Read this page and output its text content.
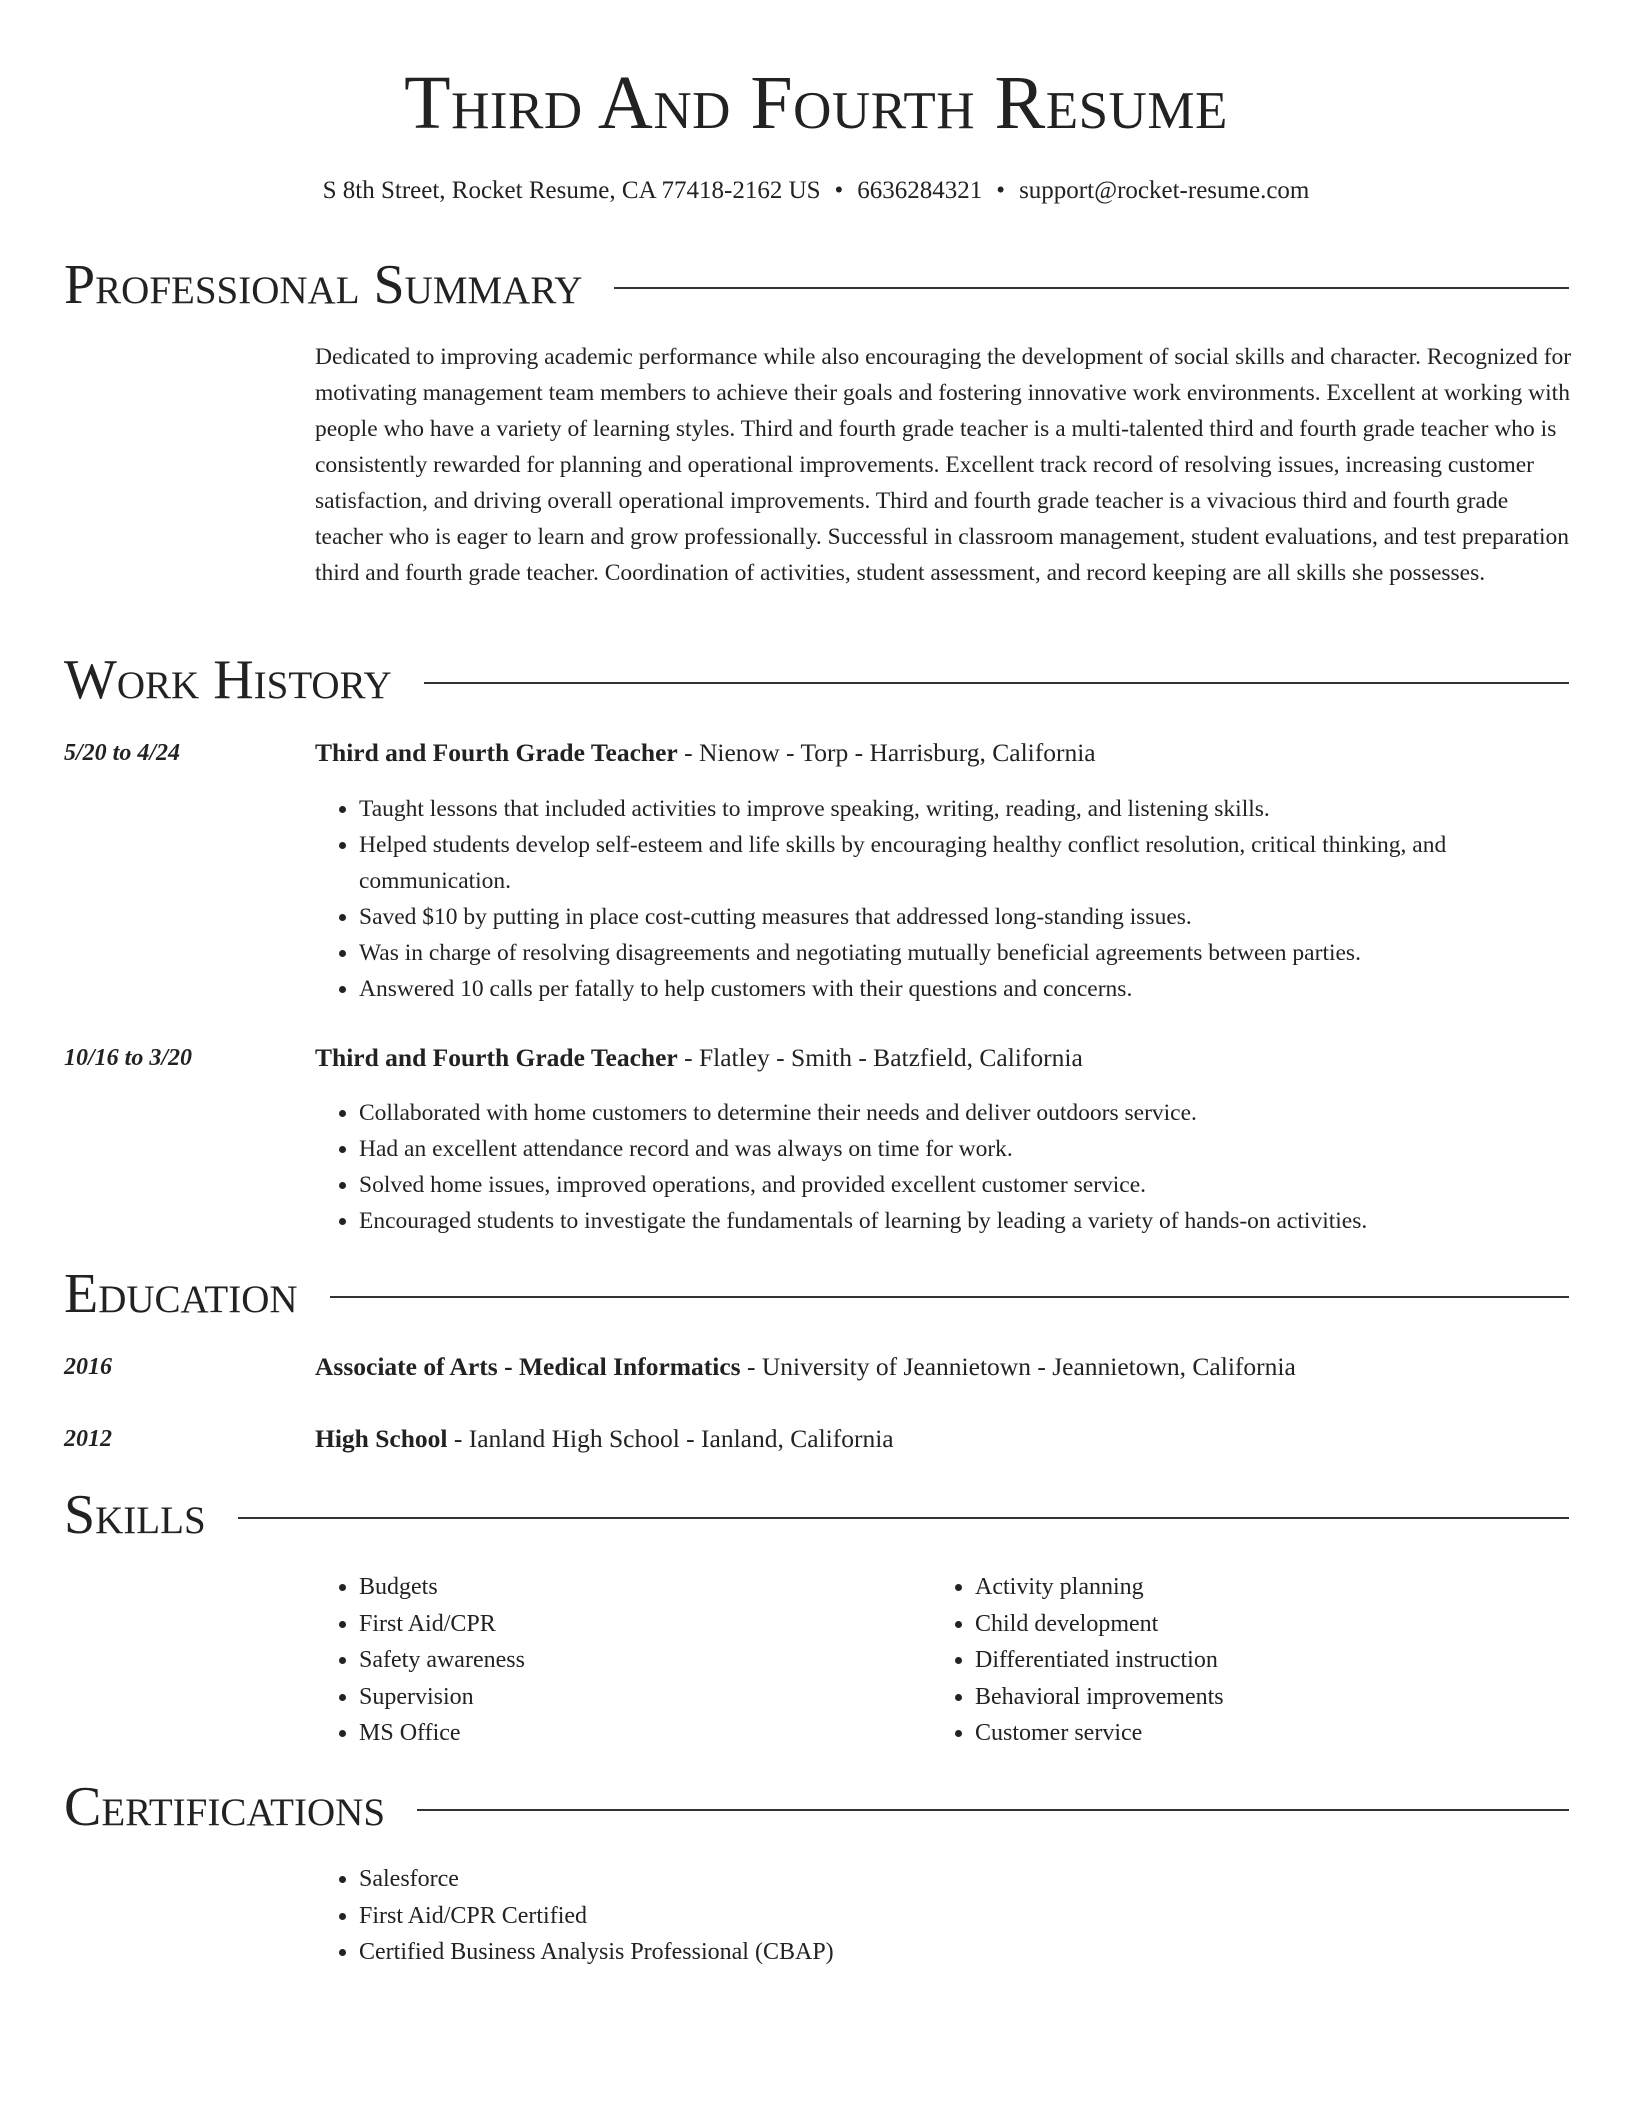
Third And Fourth Resume
S 8th Street, Rocket Resume, CA 77418-2162 US • 6636284321 • support@rocket-resume.com
Professional Summary
Dedicated to improving academic performance while also encouraging the development of social skills and character. Recognized for motivating management team members to achieve their goals and fostering innovative work environments. Excellent at working with people who have a variety of learning styles. Third and fourth grade teacher is a multi-talented third and fourth grade teacher who is consistently rewarded for planning and operational improvements. Excellent track record of resolving issues, increasing customer satisfaction, and driving overall operational improvements. Third and fourth grade teacher is a vivacious third and fourth grade teacher who is eager to learn and grow professionally. Successful in classroom management, student evaluations, and test preparation third and fourth grade teacher. Coordination of activities, student assessment, and record keeping are all skills she possesses.
Work History
5/20 to 4/24	Third and Fourth Grade Teacher - Nienow - Torp - Harrisburg, California
• Taught lessons that included activities to improve speaking, writing, reading, and listening skills.
• Helped students develop self-esteem and life skills by encouraging healthy conflict resolution, critical thinking, and communication.
• Saved $10 by putting in place cost-cutting measures that addressed long-standing issues.
• Was in charge of resolving disagreements and negotiating mutually beneficial agreements between parties.
• Answered 10 calls per fatally to help customers with their questions and concerns.
10/16 to 3/20	Third and Fourth Grade Teacher - Flatley - Smith - Batzfield, California
• Collaborated with home customers to determine their needs and deliver outdoors service.
• Had an excellent attendance record and was always on time for work.
• Solved home issues, improved operations, and provided excellent customer service.
• Encouraged students to investigate the fundamentals of learning by leading a variety of hands-on activities.
Education
2016	Associate of Arts - Medical Informatics - University of Jeannietown - Jeannietown, California
2012	High School - Ianland High School - Ianland, California
Skills
• Budgets
• First Aid/CPR
• Safety awareness
• Supervision
• MS Office
• Activity planning
• Child development
• Differentiated instruction
• Behavioral improvements
• Customer service
Certifications
• Salesforce
• First Aid/CPR Certified
• Certified Business Analysis Professional (CBAP)
